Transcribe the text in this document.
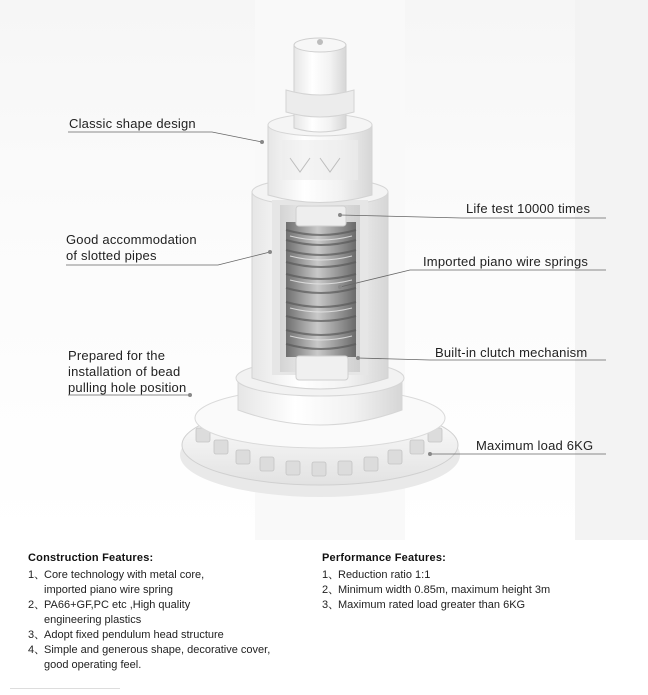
Classic shape design
Good accommodation
of slotted pipes
Prepared for the
installation of bead
pulling hole position
Life test 10000 times
Imported piano wire springs
Built-in clutch mechanism
Maximum load 6KG
Construction Features:
1、Core technology with metal core,
imported piano wire spring
2、PA66+GF,PC etc ,High quality
engineering plastics
3、Adopt fixed pendulum head structure
4、Simple and generous shape, decorative cover,
good operating feel.
Performance Features:
1、Reduction ratio 1:1
2、Minimum width 0.85m, maximum height 3m
3、Maximum rated load greater than 6KG
